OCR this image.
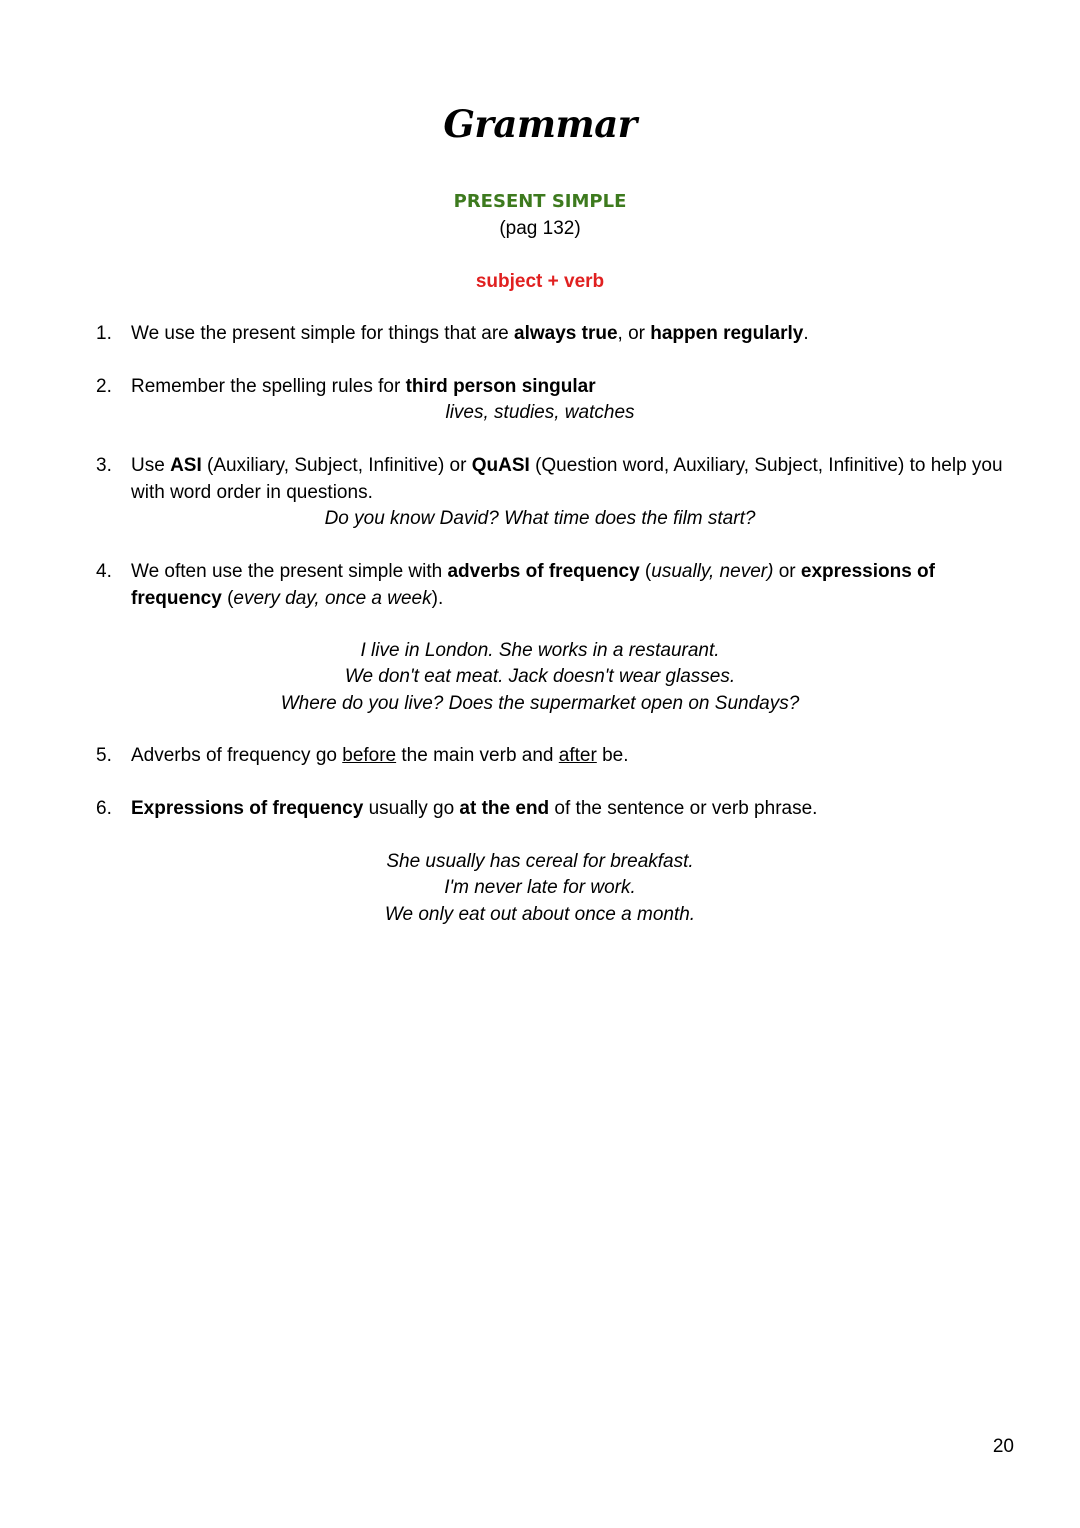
Grammar
PRESENT SIMPLE
(pag 132)
subject + verb
1. We use the present simple for things that are always true, or happen regularly.
2. Remember the spelling rules for third person singular
lives, studies, watches
3. Use ASI (Auxiliary, Subject, Infinitive) or QuASI (Question word, Auxiliary, Subject, Infinitive) to help you with word order in questions.
Do you know David? What time does the film start?
4. We often use the present simple with adverbs of frequency (usually, never) or expressions of frequency (every day, once a week).
I live in London. She works in a restaurant.
We don't eat meat. Jack doesn't wear glasses.
Where do you live? Does the supermarket open on Sundays?
5. Adverbs of frequency go before the main verb and after be.
6. Expressions of frequency usually go at the end of the sentence or verb phrase.
She usually has cereal for breakfast.
I'm never late for work.
We only eat out about once a month.
20
